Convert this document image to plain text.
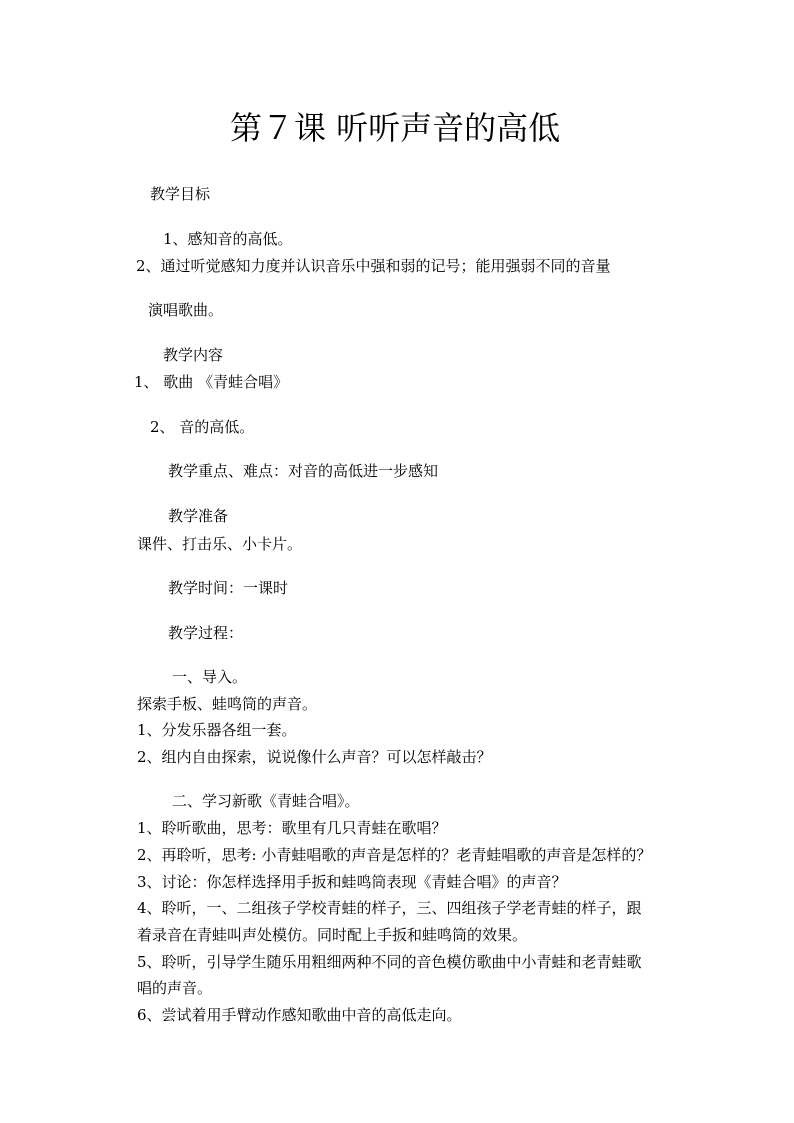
第７课 听听声音的高低

教学目标

1、感知音的高低。

2、通过听觉感知力度并认识音乐中强和弱的记号；能用强弱不同的音量

演唱歌曲。

教学内容

1、 歌曲 《青蛙合唱》

2、 音的高低。

教学重点、难点：对音的高低进一步感知

教学准备

课件、打击乐、小卡片。

教学时间：一课时

教学过程：

一、导入。

探索手板、蛙鸣筒的声音。

1、分发乐器各组一套。

2、组内自由探索，说说像什么声音？可以怎样敲击？

二、学习新歌《青蛙合唱》。

1、聆听歌曲，思考：歌里有几只青蛙在歌唱？

2、再聆听，思考: 小青蛙唱歌的声音是怎样的？老青蛙唱歌的声音是怎样的？

3、讨论：你怎样选择用手扳和蛙鸣筒表现《青蛙合唱》的声音？

4、聆听，一、二组孩子学校青蛙的样子，三、四组孩子学老青蛙的样子，跟

着录音在青蛙叫声处模仿。同时配上手扳和蛙鸣筒的效果。

5、聆听，引导学生随乐用粗细两种不同的音色模仿歌曲中小青蛙和老青蛙歌

唱的声音。

6、尝试着用手臂动作感知歌曲中音的高低走向。
